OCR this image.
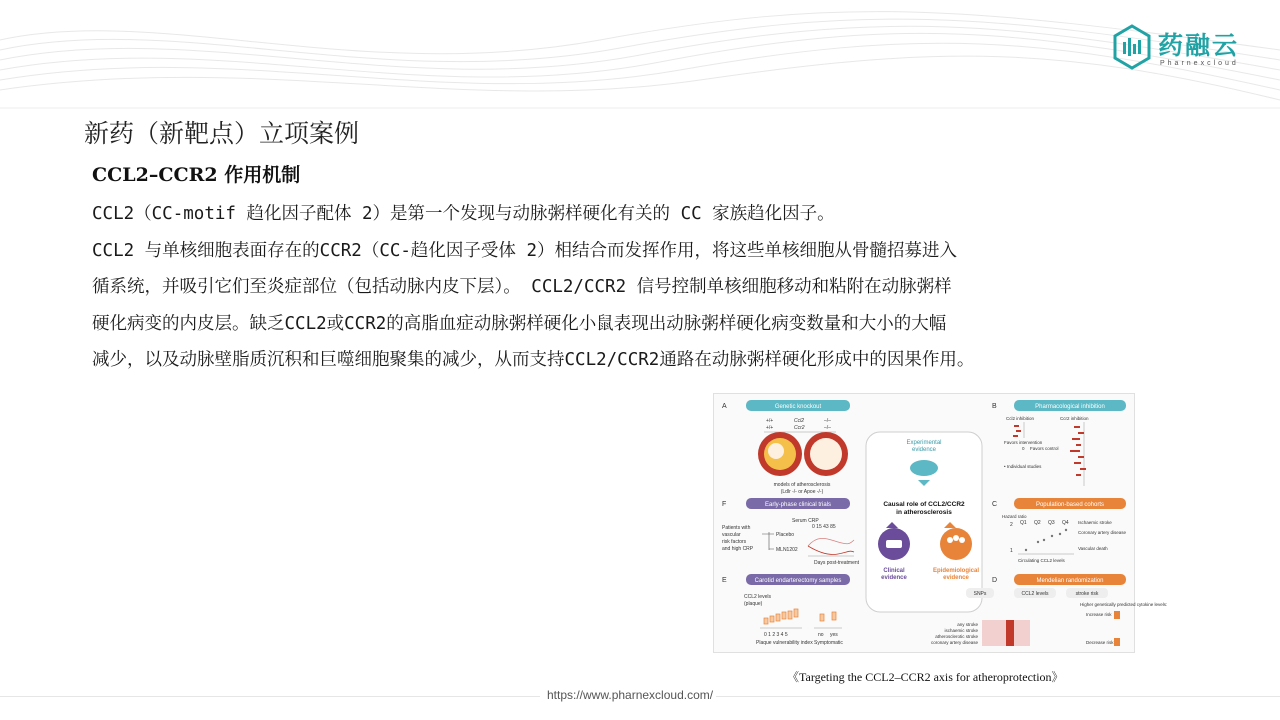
药融云
Pharnexcloud
新药（新靶点）立项案例
CCL2–CCR2 作用机制

CCL2（CC-motif 趋化因子配体 2）是第一个发现与动脉粥样硬化有关的 CC 家族趋化因子。

CCL2 与单核细胞表面存在的CCR2（CC-趋化因子受体 2）相结合而发挥作用，将这些单核细胞从骨髓招募进入

循系统，并吸引它们至炎症部位（包括动脉内皮下层）。 CCL2/CCR2 信号控制单核细胞移动和粘附在动脉粥样

硬化病变的内皮层。缺乏CCL2或CCR2的高脂血症动脉粥样硬化小鼠表现出动脉粥样硬化病变数量和大小的大幅

减少，以及动脉壁脂质沉积和巨噬细胞聚集的减少，从而支持CCL2/CCR2通路在动脉粥样硬化形成中的因果作用。

A	Genetic knockout
+/+	Ccl2	–/–
+/+	Ccr2	–/–
models of atherosclerosis
(Ldlr -/- or Apoe -/-)
F	Early-phase clinical trials
Patients with
vascular
risk factors
and high CRP
Placebo
MLN1202
Serum CRP
0 15 43 85
Days post-treatment
E	Carotid endarterectomy samples
CCL2 levels
(plaque)
0 1 2 3 4 5
Plaque vulnerability index
no yes
Symptomatic
Experimental
evidence
Causal role of CCL2/CCR2
in atherosclerosis
Clinical
evidence
Epidemiological
evidence
B	Pharmacological inhibition
Ccl2 inhibition	Ccr2 inhibition
Favors intervention
0 Favors control
• Individual studies
C	Population-based cohorts
Hazard ratio
2
1
Q1 Q2 Q3 Q4
Circulating CCL2 levels
Ischaemic stroke
Coronary artery disease
Vascular death
D	Mendelian randomization
SNPs	CCL2 levels	stroke risk
Higher genetically predicted cytokine levels:
any stroke
ischaemic stroke
atherosclerotic stroke
coronary artery disease
Increase risk
Decrease risk
《Targeting the CCL2–CCR2 axis for atheroprotection》
https://www.pharnexcloud.com/
